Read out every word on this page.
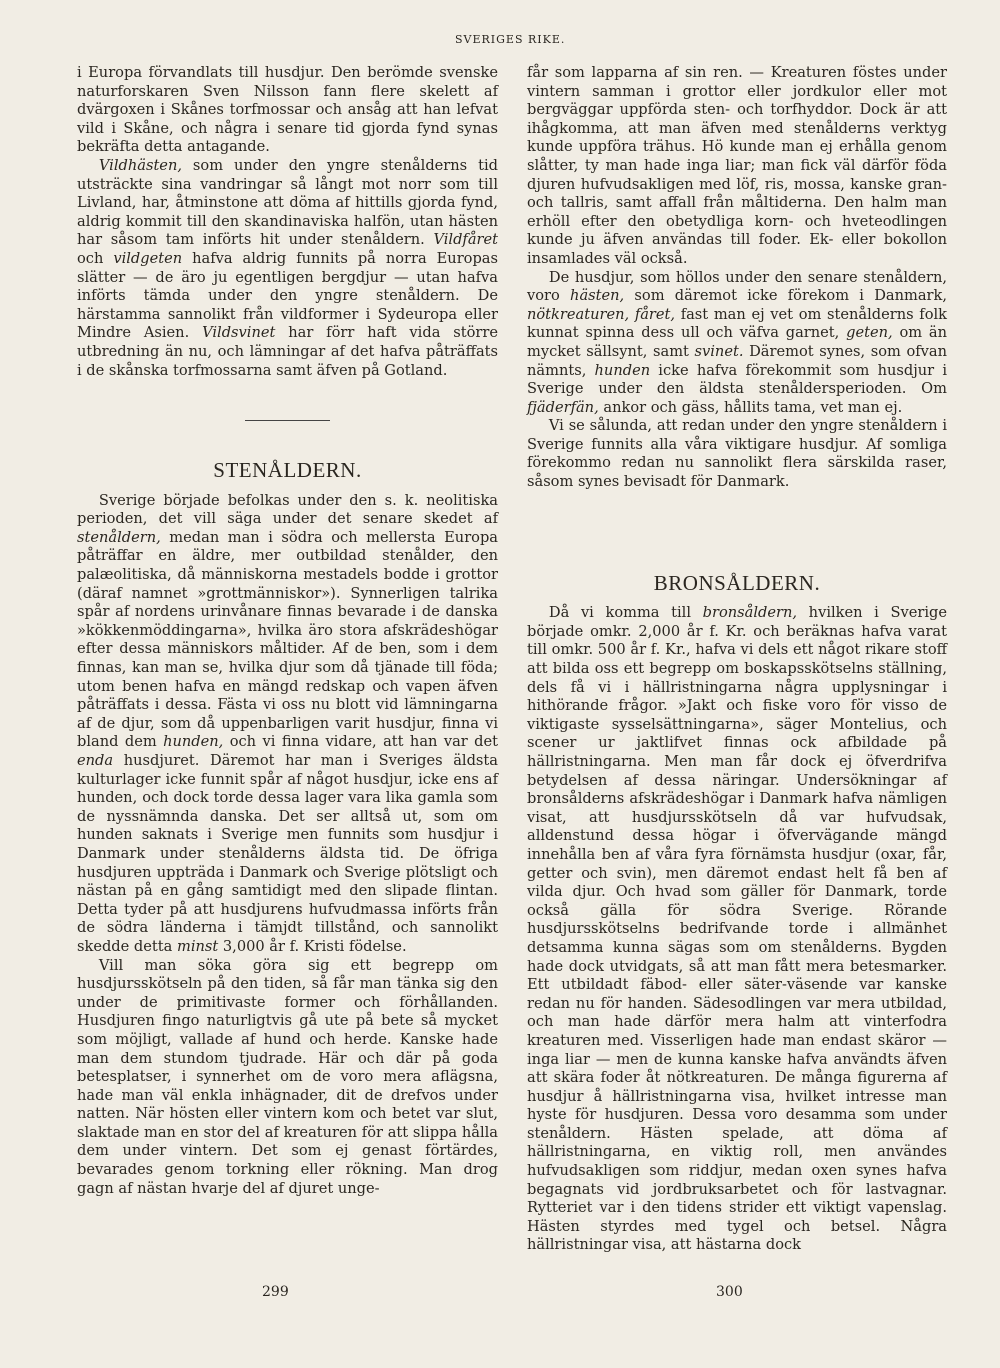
SVERIGES RIKE.

i Europa förvandlats till husdjur. Den berömde svenske naturforskaren Sven Nilsson fann flere skelett af dvärgoxen i Skånes torfmossar och ansåg att han lefvat vild i Skåne, och några i senare tid gjorda fynd synas bekräfta detta antagande.

Vildhästen, som under den yngre stenålderns tid utsträckte sina vandringar så långt mot norr som till Livland, har, åtminstone att döma af hittills gjorda fynd, aldrig kommit till den skandinaviska halfön, utan hästen har såsom tam införts hit under stenåldern. Vildfåret och vildgeten hafva aldrig funnits på norra Europas slätter — de äro ju egentligen bergdjur — utan hafva införts tämda under den yngre stenåldern. De härstamma sannolikt från vildformer i Sydeuropa eller Mindre Asien. Vildsvinet har förr haft vida större utbredning än nu, och lämningar af det hafva påträffats i de skånska torfmossarna samt äfven på Gotland.

STENÅLDERN.

Sverige började befolkas under den s. k. neolitiska perioden, det vill säga under det senare skedet af stenåldern, medan man i södra och mellersta Europa påträffar en äldre, mer outbildad stenålder, den palæolitiska, då människorna mestadels bodde i grottor (däraf namnet »grottmänniskor»). Synnerligen talrika spår af nordens urinvånare finnas bevarade i de danska »kökkenmöddingarna», hvilka äro stora afskrädeshögar efter dessa människors måltider. Af de ben, som i dem finnas, kan man se, hvilka djur som då tjänade till föda; utom benen hafva en mängd redskap och vapen äfven påträffats i dessa. Fästa vi oss nu blott vid lämningarna af de djur, som då uppenbarligen varit husdjur, finna vi bland dem hunden, och vi finna vidare, att han var det enda husdjuret. Däremot har man i Sveriges äldsta kulturlager icke funnit spår af något husdjur, icke ens af hunden, och dock torde dessa lager vara lika gamla som de nyssnämnda danska. Det ser alltså ut, som om hunden saknats i Sverige men funnits som husdjur i Danmark under stenålderns äldsta tid. De öfriga husdjuren uppträda i Danmark och Sverige plötsligt och nästan på en gång samtidigt med den slipade flintan. Detta tyder på att husdjurens hufvudmassa införts från de södra länderna i tämjdt tillstånd, och sannolikt skedde detta minst 3,000 år f. Kristi födelse.

Vill man söka göra sig ett begrepp om husdjursskötseln på den tiden, så får man tänka sig den under de primitivaste former och förhållanden. Husdjuren fingo naturligtvis gå ute på bete så mycket som möjligt, vallade af hund och herde. Kanske hade man dem stundom tjudrade. Här och där på goda betesplatser, i synnerhet om de voro mera aflägsna, hade man väl enkla inhägnader, dit de drefvos under natten. När hösten eller vintern kom och betet var slut, slaktade man en stor del af kreaturen för att slippa hålla dem under vintern. Det som ej genast förtärdes, bevarades genom torkning eller rökning. Man drog gagn af nästan hvarje del af djuret unge-

får som lapparna af sin ren. — Kreaturen föstes under vintern samman i grottor eller jordkulor eller mot bergväggar uppförda sten- och torfhyddor. Dock är att ihågkomma, att man äfven med stenålderns verktyg kunde uppföra trähus. Hö kunde man ej erhålla genom slåtter, ty man hade inga liar; man fick väl därför föda djuren hufvudsakligen med löf, ris, mossa, kanske gran- och tallris, samt affall från måltiderna. Den halm man erhöll efter den obetydliga korn- och hveteodlingen kunde ju äfven användas till foder. Ek- eller bokollon insamlades väl också.

De husdjur, som höllos under den senare stenåldern, voro hästen, som däremot icke förekom i Danmark, nötkreaturen, fåret, fast man ej vet om stenålderns folk kunnat spinna dess ull och väfva garnet, geten, om än mycket sällsynt, samt svinet. Däremot synes, som ofvan nämnts, hunden icke hafva förekommit som husdjur i Sverige under den äldsta stenåldersperioden. Om fjäderfän, ankor och gäss, hållits tama, vet man ej.

Vi se sålunda, att redan under den yngre stenåldern i Sverige funnits alla våra viktigare husdjur. Af somliga förekommo redan nu sannolikt flera särskilda raser, såsom synes bevisadt för Danmark.

BRONSÅLDERN.

Då vi komma till bronsåldern, hvilken i Sverige började omkr. 2,000 år f. Kr. och beräknas hafva varat till omkr. 500 år f. Kr., hafva vi dels ett något rikare stoff att bilda oss ett begrepp om boskapsskötselns ställning, dels få vi i hällristningarna några upplysningar i hithörande frågor. »Jakt och fiske voro för visso de viktigaste sysselsättningarna», säger Montelius, och scener ur jaktlifvet finnas ock afbildade på hällristningarna. Men man får dock ej öfverdrifva betydelsen af dessa näringar. Undersökningar af bronsålderns afskrädeshögar i Danmark hafva nämligen visat, att husdjursskötseln då var hufvudsak, alldenstund dessa högar i öfvervägande mängd innehålla ben af våra fyra förnämsta husdjur (oxar, får, getter och svin), men däremot endast helt få ben af vilda djur. Och hvad som gäller för Danmark, torde också gälla för södra Sverige. Rörande husdjursskötselns bedrifvande torde i allmänhet detsamma kunna sägas som om stenålderns. Bygden hade dock utvidgats, så att man fått mera betesmarker. Ett utbildadt fäbod- eller säter-väsende var kanske redan nu för handen. Sädesodlingen var mera utbildad, och man hade därför mera halm att vinterfodra kreaturen med. Visserligen hade man endast skäror — inga liar — men de kunna kanske hafva användts äfven att skära foder åt nötkreaturen. De många figurerna af husdjur å hällristningarna visa, hvilket intresse man hyste för husdjuren. Dessa voro desamma som under stenåldern. Hästen spelade, att döma af hällristningarna, en viktig roll, men användes hufvudsakligen som riddjur, medan oxen synes hafva begagnats vid jordbruksarbetet och för lastvagnar. Rytteriet var i den tidens strider ett viktigt vapenslag. Hästen styrdes med tygel och betsel. Några hällristningar visa, att hästarna dock

299	300
